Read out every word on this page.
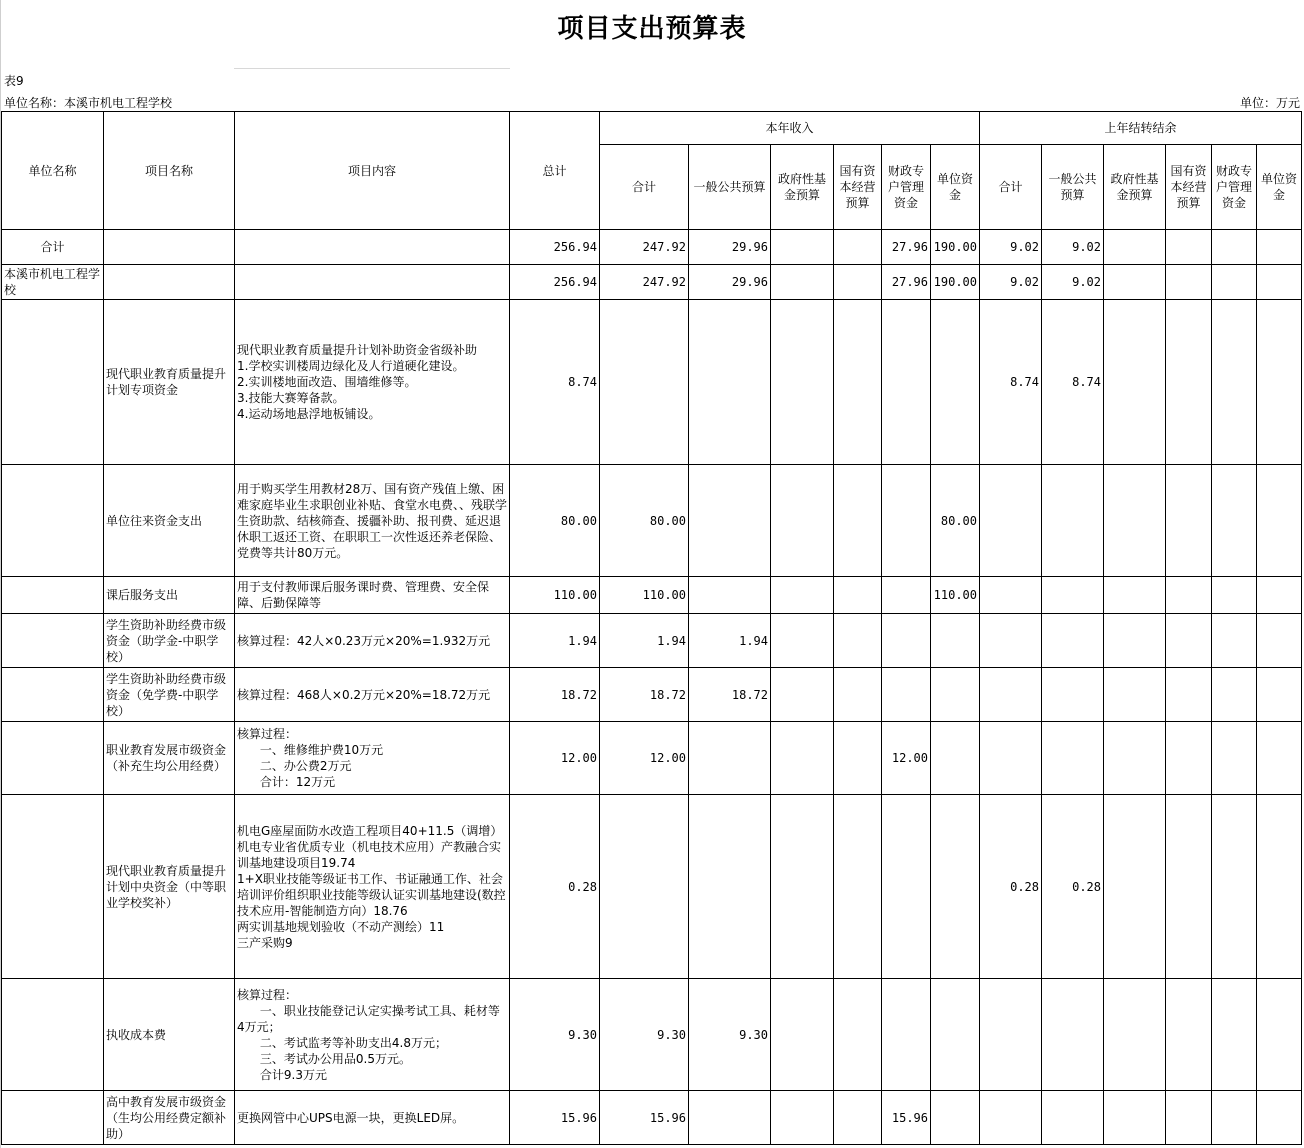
项目支出预算表
表9
单位名称：本溪市机电工程学校	单位：万元
单位名称	项目名称	项目内容	总计	本年收入						上年结转结余					
				合计	一般公共预算	政府性基金预算	国有资本经营预算	财政专户管理资金	单位资金	合计	一般公共预算	政府性基金预算	国有资本经营预算	财政专户管理资金	单位资金
合计			256.94	247.92	29.96			27.96	190.00	9.02	9.02				
本溪市机电工程学校			256.94	247.92	29.96			27.96	190.00	9.02	9.02				
	现代职业教育质量提升计划专项资金	现代职业教育质量提升计划补助资金省级补助
1.学校实训楼周边绿化及人行道硬化建设。
2.实训楼地面改造、围墙维修等。
3.技能大赛筹备款。
4.运动场地悬浮地板铺设。	8.74							8.74	8.74				
	单位往来资金支出	用于购买学生用教材28万、国有资产残值上缴、困难家庭毕业生求职创业补贴、食堂水电费、、残联学生资助款、结核筛查、援疆补助、报刊费、延迟退休职工返还工资、在职职工一次性返还养老保险、党费等共计80万元。	80.00	80.00					80.00						
	课后服务支出	用于支付教师课后服务课时费、管理费、安全保障、后勤保障等	110.00	110.00					110.00						
	学生资助补助经费市级资金（助学金-中职学校）	核算过程：42人×0.23万元×20%=1.932万元	1.94	1.94	1.94										
	学生资助补助经费市级资金（免学费-中职学校）	核算过程：468人×0.2万元×20%=18.72万元	18.72	18.72	18.72										
	职业教育发展市级资金（补充生均公用经费）	核算过程：
一、维修维护费10万元
二、办公费2万元
合计：12万元	12.00	12.00				12.00							
	现代职业教育质量提升计划中央资金（中等职业学校奖补）	机电G座屋面防水改造工程项目40+11.5（调增）
机电专业省优质专业（机电技术应用）产教融合实训基地建设项目19.74
1+X职业技能等级证书工作、书证融通工作、社会培训评价组织职业技能等级认证实训基地建设(数控技术应用-智能制造方向）18.76
两实训基地规划验收（不动产测绘）11
三产采购9	0.28							0.28	0.28				
	执收成本费	核算过程：
一、职业技能登记认定实操考试工具、耗材等4万元；
二、考试监考等补助支出4.8万元；
三、考试办公用品0.5万元。
合计9.3万元	9.30	9.30	9.30										
	高中教育发展市级资金（生均公用经费定额补助）	更换网管中心UPS电源一块，更换LED屏。	15.96	15.96				15.96							
